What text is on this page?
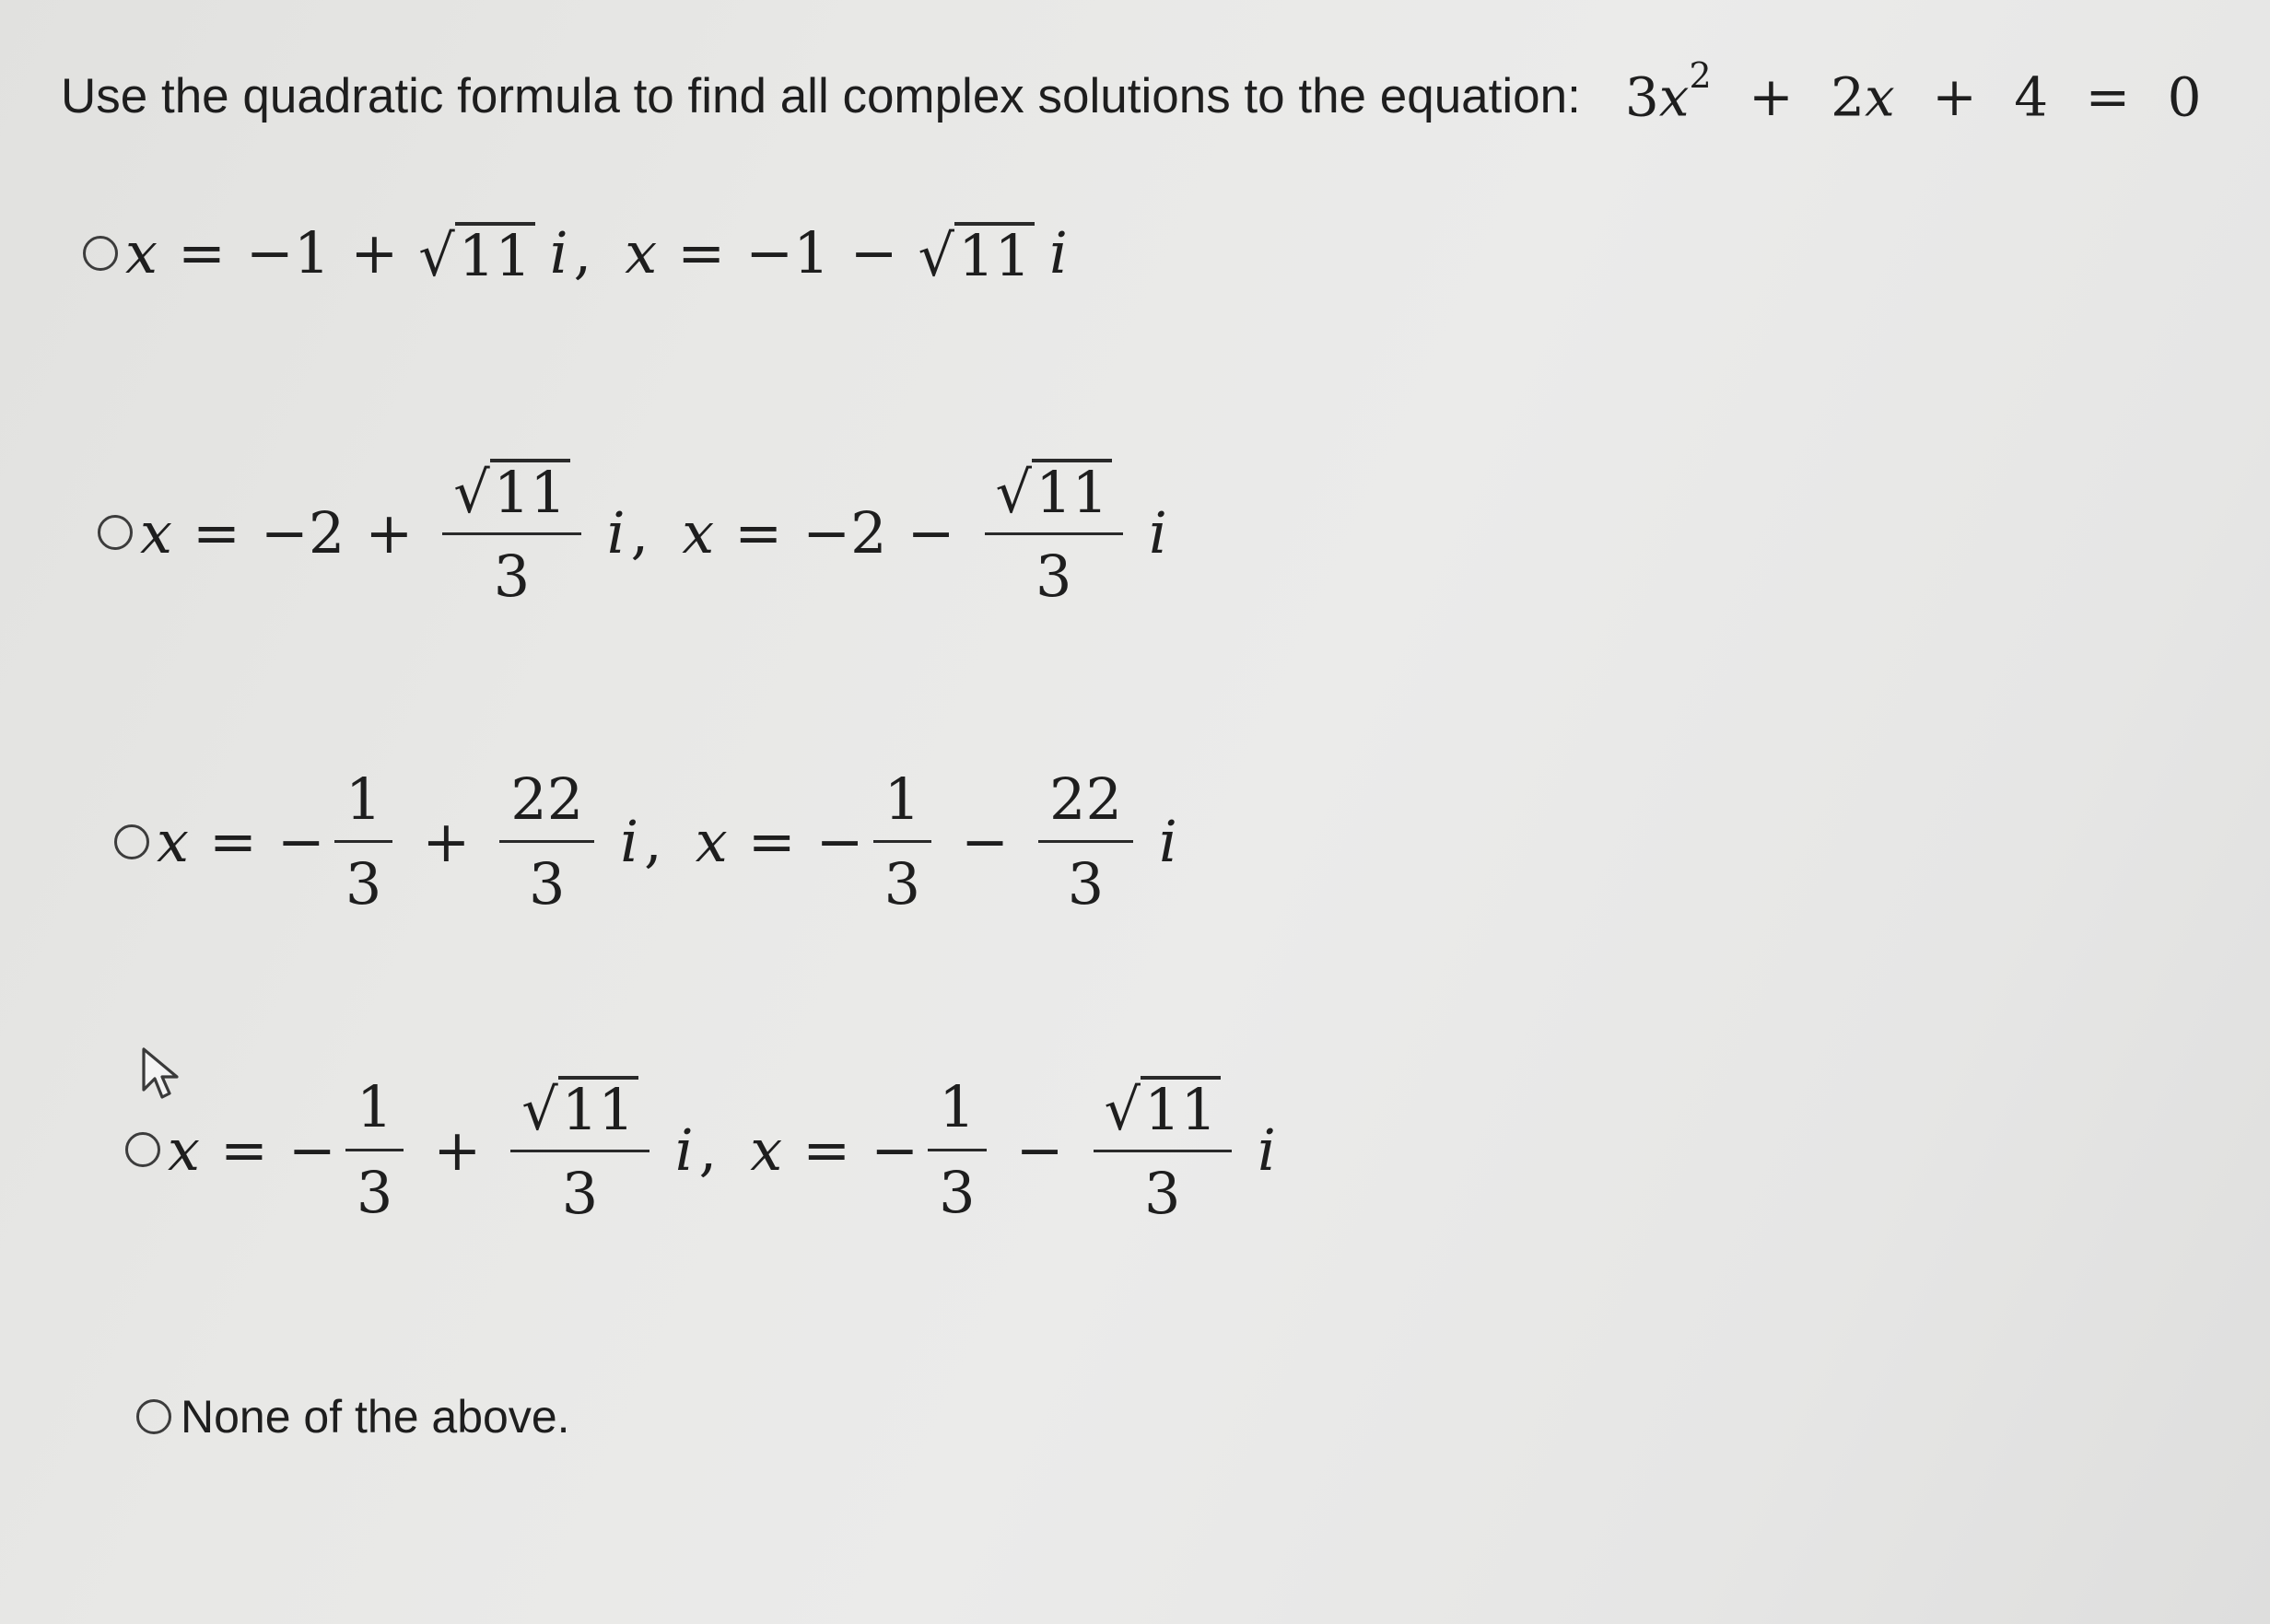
Use the quadratic formula to find all complex solutions to the equation: $3x^2 + 2x + 4 = 0$
x = −1 + √ 11 i , x = −1 − √ 11 i
$x = -2 + \frac{√ 11}{3}$ i , $x = -2 - \frac{√ 11}{3}$ i
x = − $\frac{1}{3} + \frac{22}{3}$ i , x = − $\frac{1}{3} - \frac{22}{3}$ i
x = − $\frac{1}{3} + \frac{√ 11}{3}$ i , x = − $\frac{1}{3} - \frac{√ 11}{3}$ i
None of the above.
